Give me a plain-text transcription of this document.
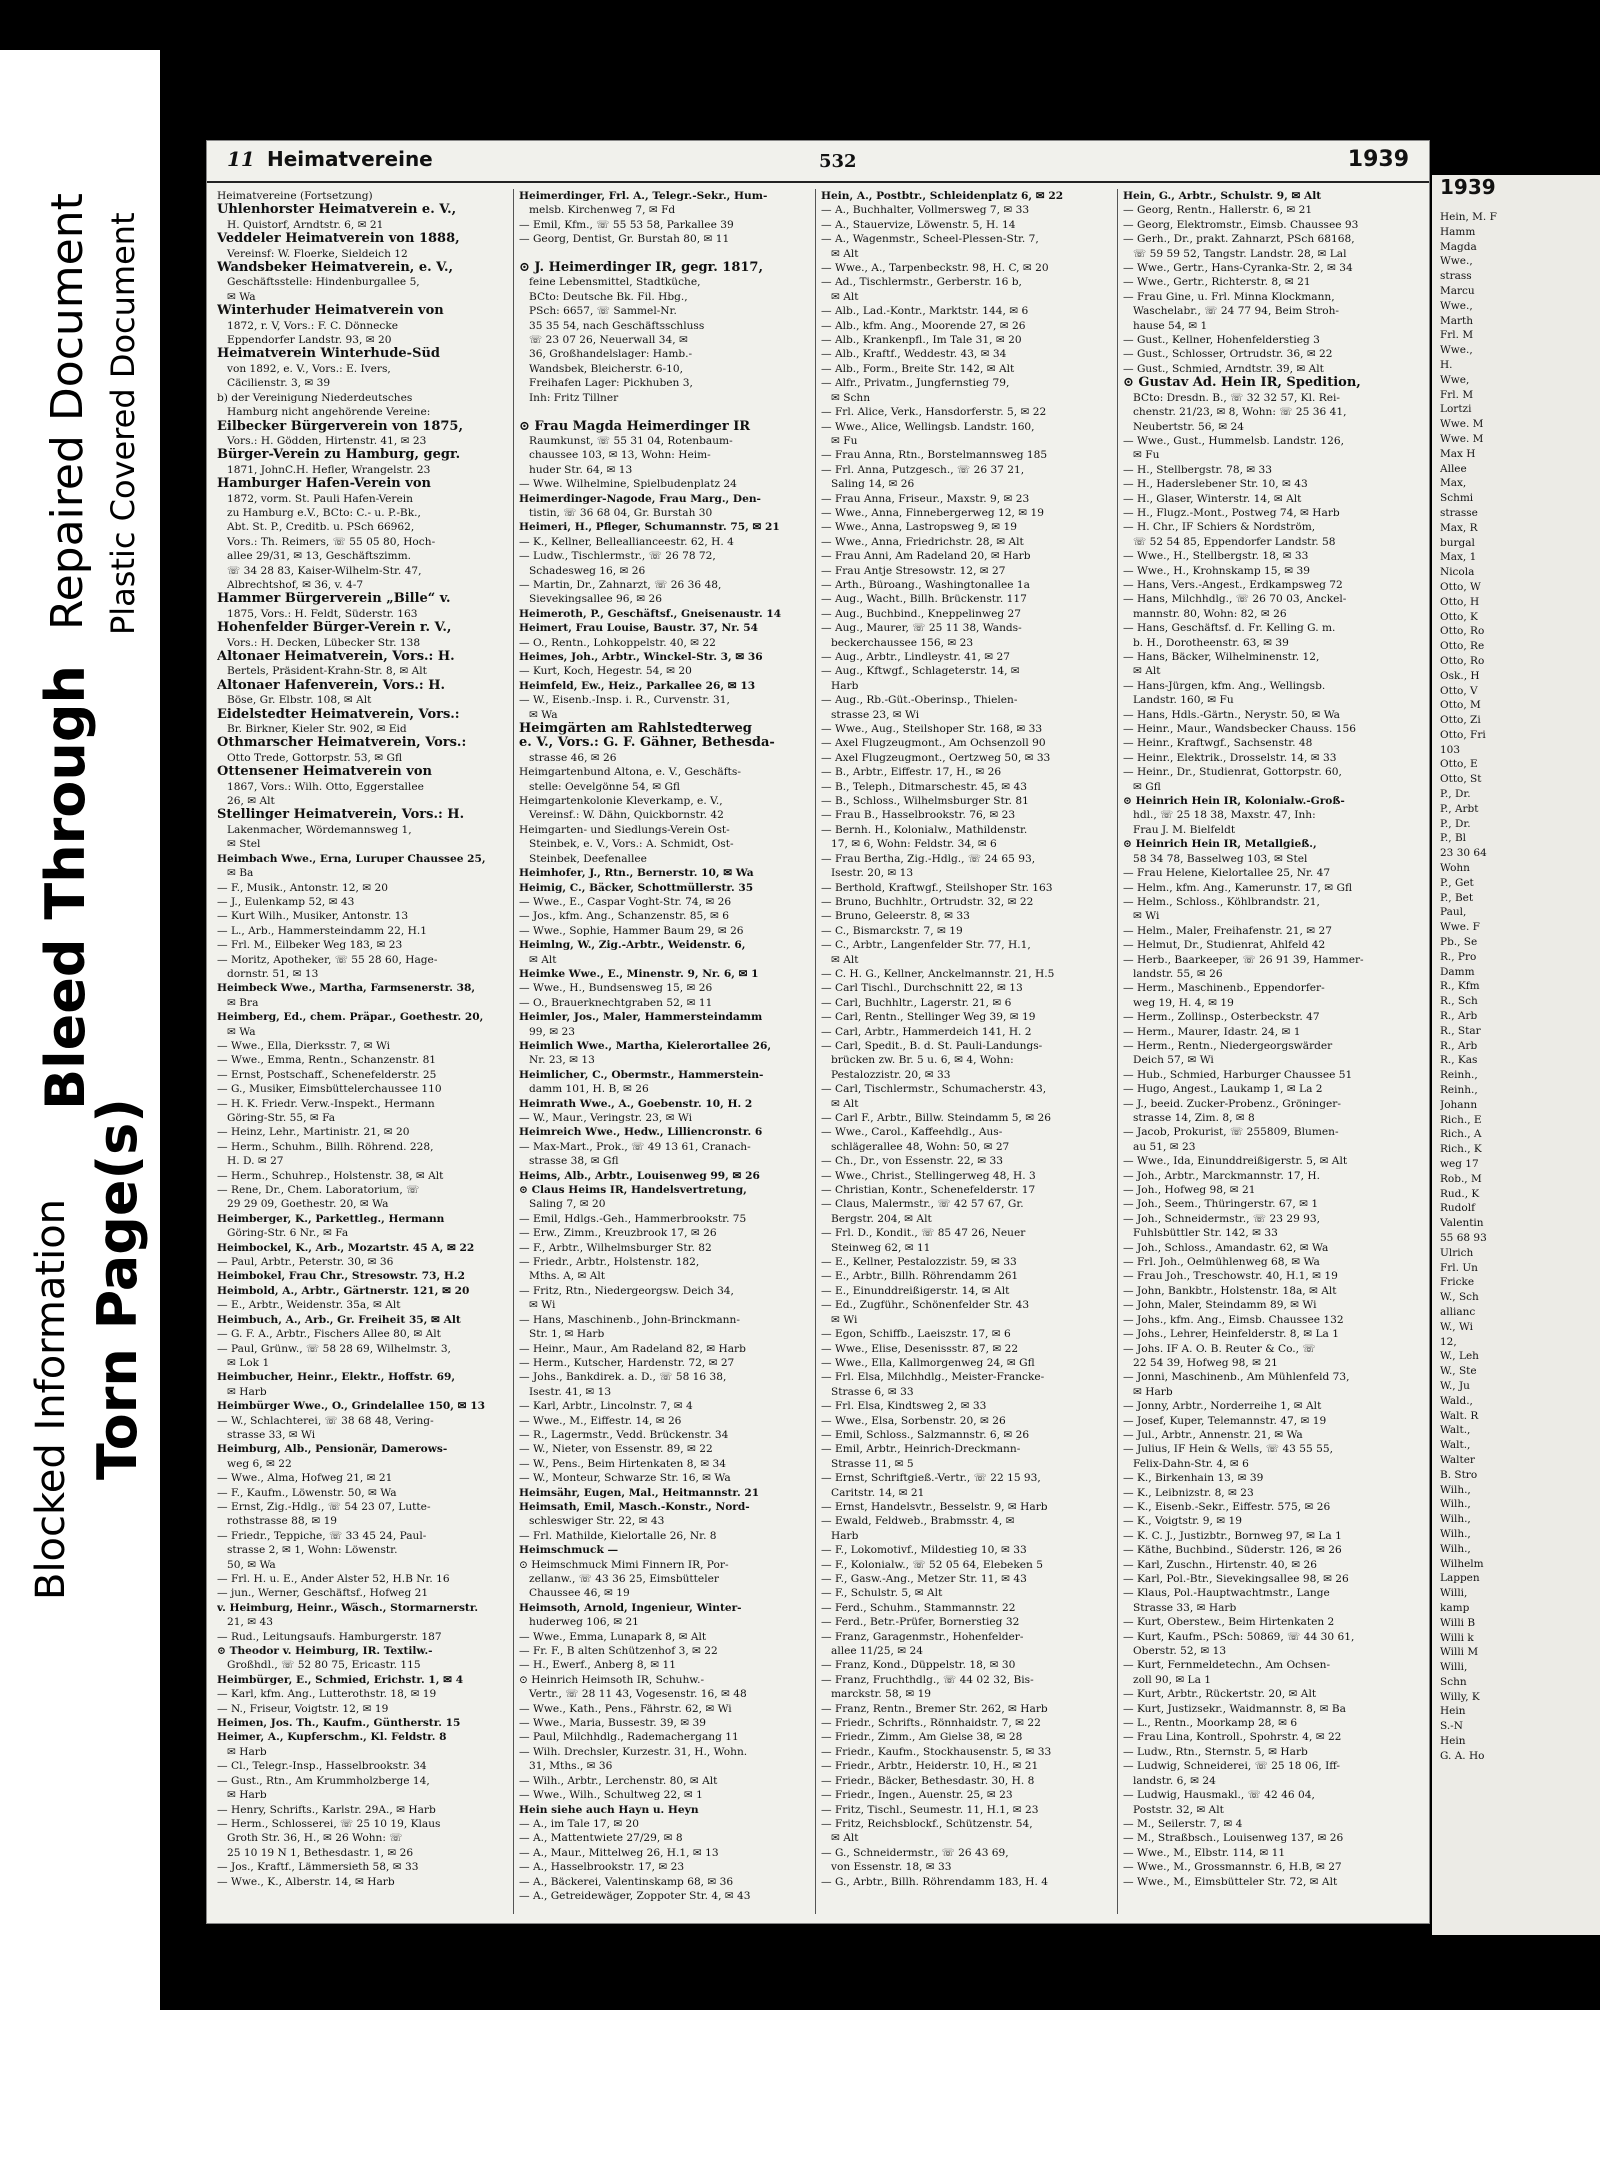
Blocked Information Torn Page(s)
Bleed Through
Repaired Document Plastic Covered Document
11 Heimatvereine	532	1939
Heimatvereine (Fortsetzung)
Uhlenhorster Heimatverein e. V.,
H. Quistorf, Arndtstr. 6, ✉ 21
Veddeler Heimatverein von 1888,
Vereinsf: W. Floerke, Sieldeich 12
Wandsbeker Heimatverein, e. V.,
Geschäftsstelle: Hindenburgallee 5,
✉ Wa
Winterhuder Heimatverein von
1872, r. V, Vors.: F. C. Dönnecke
Eppendorfer Landstr. 93, ✉ 20
Heimatverein Winterhude-Süd
von 1892, e. V., Vors.: E. Ivers,
Cäcilienstr. 3, ✉ 39
b) der Vereinigung Niederdeutsches
Hamburg nicht angehörende Vereine:
Eilbecker Bürgerverein von 1875,
Vors.: H. Gödden, Hirtenstr. 41, ✉ 23
Bürger-Verein zu Hamburg, gegr.
1871, JohnC.H. Hefler, Wrangelstr. 23
Hamburger Hafen-Verein von
1872, vorm. St. Pauli Hafen-Verein
zu Hamburg e.V., BCto: C.- u. P.-Bk.,
Abt. St. P., Creditb. u. PSch 66962,
Vors.: Th. Reimers, ☏ 55 05 80, Hoch-
allee 29/31, ✉ 13, Geschäftszimm.
☏ 34 28 83, Kaiser-Wilhelm-Str. 47,
Albrechtshof, ✉ 36, v. 4-7
Hammer Bürgerverein „Bille“ v.
1875, Vors.: H. Feldt, Süderstr. 163
Hohenfelder Bürger-Verein r. V.,
Vors.: H. Decken, Lübecker Str. 138
Altonaer Heimatverein, Vors.: H.
Bertels, Präsident-Krahn-Str. 8, ✉ Alt
Altonaer Hafenverein, Vors.: H.
Böse, Gr. Elbstr. 108, ✉ Alt
Eidelstedter Heimatverein, Vors.:
Br. Birkner, Kieler Str. 902, ✉ Eid
Othmarscher Heimatverein, Vors.:
Otto Trede, Gottorpstr. 53, ✉ Gfl
Ottensener Heimatverein von
1867, Vors.: Wilh. Otto, Eggerstallee
26, ✉ Alt
Stellinger Heimatverein, Vors.: H.
Lakenmacher, Wördemannsweg 1,
✉ Stel
Heimbach Wwe., Erna, Luruper Chaussee 25,
✉ Ba
— F., Musik., Antonstr. 12, ✉ 20
— J., Eulenkamp 52, ✉ 43
— Kurt Wilh., Musiker, Antonstr. 13
— L., Arb., Hammersteindamm 22, H.1
— Frl. M., Eilbeker Weg 183, ✉ 23
— Moritz, Apotheker, ☏ 55 28 60, Hage-
dornstr. 51, ✉ 13
Heimbeck Wwe., Martha, Farmsenerstr. 38,
✉ Bra
Heimberg, Ed., chem. Präpar., Goethestr. 20,
✉ Wa
— Wwe., Ella, Dierksstr. 7, ✉ Wi
— Wwe., Emma, Rentn., Schanzenstr. 81
— Ernst, Postschaff., Schenefelderstr. 25
— G., Musiker, Eimsbüttelerchaussee 110
— H. K. Friedr. Verw.-Inspekt., Hermann
Göring-Str. 55, ✉ Fa
— Heinz, Lehr., Martinistr. 21, ✉ 20
— Herm., Schuhm., Billh. Röhrend. 228,
H. D. ✉ 27
— Herm., Schuhrep., Holstenstr. 38, ✉ Alt
— Rene, Dr., Chem. Laboratorium, ☏
29 29 09, Goethestr. 20, ✉ Wa
Heimberger, K., Parkettleg., Hermann
Göring-Str. 6 Nr., ✉ Fa
Heimbockel, K., Arb., Mozartstr. 45 A, ✉ 22
— Paul, Arbtr., Peterstr. 30, ✉ 36
Heimbokel, Frau Chr., Stresowstr. 73, H.2
Heimbold, A., Arbtr., Gärtnerstr. 121, ✉ 20
— E., Arbtr., Weidenstr. 35a, ✉ Alt
Heimbuch, A., Arb., Gr. Freiheit 35, ✉ Alt
— G. F. A., Arbtr., Fischers Allee 80, ✉ Alt
— Paul, Grünw., ☏ 58 28 69, Wilhelmstr. 3,
✉ Lok 1
Heimbucher, Heinr., Elektr., Hoffstr. 69,
✉ Harb
Heimbürger Wwe., O., Grindelallee 150, ✉ 13
— W., Schlachterei, ☏ 38 68 48, Vering-
strasse 33, ✉ Wi
Heimburg, Alb., Pensionär, Damerows-
weg 6, ✉ 22
— Wwe., Alma, Hofweg 21, ✉ 21
— F., Kaufm., Löwenstr. 50, ✉ Wa
— Ernst, Zig.-Hdlg., ☏ 54 23 07, Lutte-
rothstrasse 88, ✉ 19
— Friedr., Teppiche, ☏ 33 45 24, Paul-
strasse 2, ✉ 1, Wohn: Löwenstr.
50, ✉ Wa
— Frl. H. u. E., Ander Alster 52, H.B Nr. 16
— jun., Werner, Geschäftsf., Hofweg 21
v. Heimburg, Heinr., Wäsch., Stormarnerstr.
21, ✉ 43
— Rud., Leitungsaufs. Hamburgerstr. 187
⊙ Theodor v. Heimburg, IR. Textilw.-
Großhdl., ☏ 52 80 75, Ericastr. 115
Heimbürger, E., Schmied, Erichstr. 1, ✉ 4
— Karl, kfm. Ang., Lutterothstr. 18, ✉ 19
— N., Friseur, Voigtstr. 12, ✉ 19
Heimen, Jos. Th., Kaufm., Güntherstr. 15
Heimer, A., Kupferschm., Kl. Feldstr. 8
✉ Harb
— Cl., Telegr.-Insp., Hasselbrookstr. 34
— Gust., Rtn., Am Krummholzberge 14,
✉ Harb
— Henry, Schrifts., Karlstr. 29A., ✉ Harb
— Herm., Schlosserei, ☏ 25 10 19, Klaus
Groth Str. 36, H., ✉ 26 Wohn: ☏
25 10 19 N 1, Bethesdastr. 1, ✉ 26
— Jos., Kraftf., Lämmersieth 58, ✉ 33
— Wwe., K., Alberstr. 14, ✉ Harb
Heimerdinger, Frl. A., Telegr.-Sekr., Hum-
melsb. Kirchenweg 7, ✉ Fd
— Emil, Kfm., ☏ 55 53 58, Parkallee 39
— Georg, Dentist, Gr. Burstah 80, ✉ 11

⊙ J. Heimerdinger IR, gegr. 1817,
feine Lebensmittel, Stadtküche,
BCto: Deutsche Bk. Fil. Hbg.,
PSch: 6657, ☏ Sammel-Nr.
35 35 54, nach Geschäftsschluss
☏ 23 07 26, Neuerwall 34, ✉
36, Großhandelslager: Hamb.-
Wandsbek, Bleicherstr. 6-10,
Freihafen Lager: Pickhuben 3,
Inh: Fritz Tillner

⊙ Frau Magda Heimerdinger IR
Raumkunst, ☏ 55 31 04, Rotenbaum-
chaussee 103, ✉ 13, Wohn: Heim-
huder Str. 64, ✉ 13
— Wwe. Wilhelmine, Spielbudenplatz 24
Heimerdinger-Nagode, Frau Marg., Den-
tistin, ☏ 36 68 04, Gr. Burstah 30
Heimeri, H., Pfleger, Schumannstr. 75, ✉ 21
— K., Kellner, Belleallianceestr. 62, H. 4
— Ludw., Tischlermstr., ☏ 26 78 72,
Schadesweg 16, ✉ 26
— Martin, Dr., Zahnarzt, ☏ 26 36 48,
Sievekingsallee 96, ✉ 26
Heimeroth, P., Geschäftsf., Gneisenaustr. 14
Heimert, Frau Louise, Baustr. 37, Nr. 54
— O., Rentn., Lohkoppelstr. 40, ✉ 22
Heimes, Joh., Arbtr., Winckel-Str. 3, ✉ 36
— Kurt, Koch, Hegestr. 54, ✉ 20
Heimfeld, Ew., Heiz., Parkallee 26, ✉ 13
— W., Eisenb.-Insp. i. R., Curvenstr. 31,
✉ Wa
Heimgärten am Rahlstedterweg
e. V., Vors.: G. F. Gähner, Bethesda-
strasse 46, ✉ 26
Heimgartenbund Altona, e. V., Geschäfts-
stelle: Oevelgönne 54, ✉ Gfl
Heimgartenkolonie Kleverkamp, e. V.,
Vereinsf.: W. Dähn, Quickbornstr. 42
Heimgarten- und Siedlungs-Verein Ost-
Steinbek, e. V., Vors.: A. Schmidt, Ost-
Steinbek, Deefenallee
Heimhofer, J., Rtn., Bernerstr. 10, ✉ Wa
Heimig, C., Bäcker, Schottmüllerstr. 35
— Wwe., E., Caspar Voght-Str. 74, ✉ 26
— Jos., kfm. Ang., Schanzenstr. 85, ✉ 6
— Wwe., Sophie, Hammer Baum 29, ✉ 26
Heimlng, W., Zig.-Arbtr., Weidenstr. 6,
✉ Alt
Heimke Wwe., E., Minenstr. 9, Nr. 6, ✉ 1
— Wwe., H., Bundsensweg 15, ✉ 26
— O., Brauerknechtgraben 52, ✉ 11
Heimler, Jos., Maler, Hammersteindamm
99, ✉ 23
Heimlich Wwe., Martha, Kielerortallee 26,
Nr. 23, ✉ 13
Heimlicher, C., Obermstr., Hammerstein-
damm 101, H. B, ✉ 26
Heimrath Wwe., A., Goebenstr. 10, H. 2
— W., Maur., Veringstr. 23, ✉ Wi
Heimreich Wwe., Hedw., Lilliencronstr. 6
— Max-Mart., Prok., ☏ 49 13 61, Cranach-
strasse 38, ✉ Gfl
Heims, Alb., Arbtr., Louisenweg 99, ✉ 26
⊙ Claus Heims IR, Handelsvertretung,
Saling 7, ✉ 20
— Emil, Hdlgs.-Geh., Hammerbrookstr. 75
— Erw., Zimm., Kreuzbrook 17, ✉ 26
— F., Arbtr., Wilhelmsburger Str. 82
— Friedr., Arbtr., Holstenstr. 182,
Mths. A, ✉ Alt
— Fritz, Rtn., Niedergeorgsw. Deich 34,
✉ Wi
— Hans, Maschinenb., John-Brinckmann-
Str. 1, ✉ Harb
— Heinr., Maur., Am Radeland 82, ✉ Harb
— Herm., Kutscher, Hardenstr. 72, ✉ 27
— Johs., Bankdirek. a. D., ☏ 58 16 38,
Isestr. 41, ✉ 13
— Karl, Arbtr., Lincolnstr. 7, ✉ 4
— Wwe., M., Eiffestr. 14, ✉ 26
— R., Lagermstr., Vedd. Brückenstr. 34
— W., Nieter, von Essenstr. 89, ✉ 22
— W., Pens., Beim Hirtenkaten 8, ✉ 34
— W., Monteur, Schwarze Str. 16, ✉ Wa
Heimsähr, Eugen, Mal., Heitmannstr. 21
Heimsath, Emil, Masch.-Konstr., Nord-
schleswiger Str. 22, ✉ 43
— Frl. Mathilde, Kielortalle 26, Nr. 8
Heimschmuck —
⊙ Heimschmuck Mimi Finnern IR, Por-
zellanw., ☏ 43 36 25, Eimsbütteler
Chaussee 46, ✉ 19
Heimsoth, Arnold, Ingenieur, Winter-
huderweg 106, ✉ 21
— Wwe., Emma, Lunapark 8, ✉ Alt
— Fr. F., B alten Schützenhof 3, ✉ 22
— H., Ewerf., Anberg 8, ✉ 11
⊙ Heinrich Heimsoth IR, Schuhw.-
Vertr., ☏ 28 11 43, Vogesenstr. 16, ✉ 48
— Wwe., Kath., Pens., Fährstr. 62, ✉ Wi
— Wwe., Maria, Bussestr. 39, ✉ 39
— Paul, Milchhdlg., Rademachergang 11
— Wilh. Drechsler, Kurzestr. 31, H., Wohn.
31, Mths., ✉ 36
— Wilh., Arbtr., Lerchenstr. 80, ✉ Alt
— Wwe., Wilh., Schultweg 22, ✉ 1
Hein siehe auch Hayn u. Heyn
— A., im Tale 17, ✉ 20
— A., Mattentwiete 27/29, ✉ 8
— A., Maur., Mittelweg 26, H.1, ✉ 13
— A., Hasselbrookstr. 17, ✉ 23
— A., Bäckerei, Valentinskamp 68, ✉ 36
— A., Getreidewäger, Zoppoter Str. 4, ✉ 43
Hein, A., Postbtr., Schleidenplatz 6, ✉ 22
— A., Buchhalter, Vollmersweg 7, ✉ 33
— A., Stauervize, Löwenstr. 5, H. 14
— A., Wagenmstr., Scheel-Plessen-Str. 7,
✉ Alt
— Wwe., A., Tarpenbeckstr. 98, H. C, ✉ 20
— Ad., Tischlermstr., Gerberstr. 16 b,
✉ Alt
— Alb., Lad.-Kontr., Marktstr. 144, ✉ 6
— Alb., kfm. Ang., Moorende 27, ✉ 26
— Alb., Krankenpfl., Im Tale 31, ✉ 20
— Alb., Kraftf., Weddestr. 43, ✉ 34
— Alb., Form., Breite Str. 142, ✉ Alt
— Alfr., Privatm., Jungfernstieg 79,
✉ Schn
— Frl. Alice, Verk., Hansdorferstr. 5, ✉ 22
— Wwe., Alice, Wellingsb. Landstr. 160,
✉ Fu
— Frau Anna, Rtn., Borstelmannsweg 185
— Frl. Anna, Putzgesch., ☏ 26 37 21,
Saling 14, ✉ 26
— Frau Anna, Friseur., Maxstr. 9, ✉ 23
— Wwe., Anna, Finnebergerweg 12, ✉ 19
— Wwe., Anna, Lastropsweg 9, ✉ 19
— Wwe., Anna, Friedrichstr. 28, ✉ Alt
— Frau Anni, Am Radeland 20, ✉ Harb
— Frau Antje Stresowstr. 12, ✉ 27
— Arth., Büroang., Washingtonallee 1a
— Aug., Wacht., Billh. Brückenstr. 117
— Aug., Buchbind., Kneppelinweg 27
— Aug., Maurer, ☏ 25 11 38, Wands-
beckerchaussee 156, ✉ 23
— Aug., Arbtr., Lindleystr. 41, ✉ 27
— Aug., Kftwgf., Schlageterstr. 14, ✉
Harb
— Aug., Rb.-Güt.-Oberinsp., Thielen-
strasse 23, ✉ Wi
— Wwe., Aug., Steilshoper Str. 168, ✉ 33
— Axel Flugzeugmont., Am Ochsenzoll 90
— Axel Flugzeugmont., Oertzweg 50, ✉ 33
— B., Arbtr., Eiffestr. 17, H., ✉ 26
— B., Teleph., Ditmarschestr. 45, ✉ 43
— B., Schloss., Wilhelmsburger Str. 81
— Frau B., Hasselbrookstr. 76, ✉ 23
— Bernh. H., Kolonialw., Mathildenstr.
17, ✉ 6, Wohn: Feldstr. 34, ✉ 6
— Frau Bertha, Zig.-Hdlg., ☏ 24 65 93,
Isestr. 20, ✉ 13
— Berthold, Kraftwgf., Steilshoper Str. 163
— Bruno, Buchhltr., Ortrudstr. 32, ✉ 22
— Bruno, Geleerstr. 8, ✉ 33
— C., Bismarckstr. 7, ✉ 19
— C., Arbtr., Langenfelder Str. 77, H.1,
✉ Alt
— C. H. G., Kellner, Anckelmannstr. 21, H.5
— Carl Tischl., Durchschnitt 22, ✉ 13
— Carl, Buchhltr., Lagerstr. 21, ✉ 6
— Carl, Rentn., Stellinger Weg 39, ✉ 19
— Carl, Arbtr., Hammerdeich 141, H. 2
— Carl, Spedit., B. d. St. Pauli-Landungs-
brücken zw. Br. 5 u. 6, ✉ 4, Wohn:
Pestalozzistr. 20, ✉ 33
— Carl, Tischlermstr., Schumacherstr. 43,
✉ Alt
— Carl F., Arbtr., Billw. Steindamm 5, ✉ 26
— Wwe., Carol., Kaffeehdlg., Aus-
schlägerallee 48, Wohn: 50, ✉ 27
— Ch., Dr., von Essenstr. 22, ✉ 33
— Wwe., Christ., Stellingerweg 48, H. 3
— Christian, Kontr., Schenefelderstr. 17
— Claus, Malermstr., ☏ 42 57 67, Gr.
Bergstr. 204, ✉ Alt
— Frl. D., Kondit., ☏ 85 47 26, Neuer
Steinweg 62, ✉ 11
— E., Kellner, Pestalozzistr. 59, ✉ 33
— E., Arbtr., Billh. Röhrendamm 261
— E., Einunddreißigerstr. 14, ✉ Alt
— Ed., Zugführ., Schönenfelder Str. 43
✉ Wi
— Egon, Schiffb., Laeiszstr. 17, ✉ 6
— Wwe., Elise, Desenissstr. 87, ✉ 22
— Wwe., Ella, Kallmorgenweg 24, ✉ Gfl
— Frl. Elsa, Milchhdlg., Meister-Francke-
Strasse 6, ✉ 33
— Frl. Elsa, Kindtsweg 2, ✉ 33
— Wwe., Elsa, Sorbenstr. 20, ✉ 26
— Emil, Schloss., Salzmannstr. 6, ✉ 26
— Emil, Arbtr., Heinrich-Dreckmann-
Strasse 11, ✉ 5
— Ernst, Schriftgieß.-Vertr., ☏ 22 15 93,
Caritstr. 14, ✉ 21
— Ernst, Handelsvtr., Besselstr. 9, ✉ Harb
— Ewald, Feldweb., Brabmsstr. 4, ✉
Harb
— F., Lokomotivf., Mildestieg 10, ✉ 33
— F., Kolonialw., ☏ 52 05 64, Elebeken 5
— F., Gasw.-Ang., Metzer Str. 11, ✉ 43
— F., Schulstr. 5, ✉ Alt
— Ferd., Schuhm., Stammannstr. 22
— Ferd., Betr.-Prüfer, Bornerstieg 32
— Franz, Garagenmstr., Hohenfelder-
allee 11/25, ✉ 24
— Franz, Kond., Düppelstr. 18, ✉ 30
— Franz, Fruchthdlg., ☏ 44 02 32, Bis-
marckstr. 58, ✉ 19
— Franz, Rentn., Bremer Str. 262, ✉ Harb
— Friedr., Schrifts., Rönnhaidstr. 7, ✉ 22
— Friedr., Zimm., Am Gielse 38, ✉ 28
— Friedr., Kaufm., Stockhausenstr. 5, ✉ 33
— Friedr., Arbtr., Heiderstr. 10, H., ✉ 21
— Friedr., Bäcker, Bethesdastr. 30, H. 8
— Friedr., Ingen., Auenstr. 25, ✉ 23
— Fritz, Tischl., Seumestr. 11, H.1, ✉ 23
— Fritz, Reichsblockf., Schützenstr. 54,
✉ Alt
— G., Schneidermstr., ☏ 26 43 69,
von Essenstr. 18, ✉ 33
— G., Arbtr., Billh. Röhrendamm 183, H. 4
Hein, G., Arbtr., Schulstr. 9, ✉ Alt
— Georg, Rentn., Hallerstr. 6, ✉ 21
— Georg, Elektromstr., Eimsb. Chaussee 93
— Gerh., Dr., prakt. Zahnarzt, PSch 68168,
☏ 59 59 52, Tangstr. Landstr. 28, ✉ Lal
— Wwe., Gertr., Hans-Cyranka-Str. 2, ✉ 34
— Wwe., Gertr., Richterstr. 8, ✉ 21
— Frau Gine, u. Frl. Minna Klockmann,
Waschelabr., ☏ 24 77 94, Beim Stroh-
hause 54, ✉ 1
— Gust., Kellner, Hohenfelderstieg 3
— Gust., Schlosser, Ortrudstr. 36, ✉ 22
— Gust., Schmied, Arndtstr. 39, ✉ Alt
⊙ Gustav Ad. Hein IR, Spedition,
BCto: Dresdn. B., ☏ 32 32 57, Kl. Rei-
chenstr. 21/23, ✉ 8, Wohn: ☏ 25 36 41,
Neubertstr. 56, ✉ 24
— Wwe., Gust., Hummelsb. Landstr. 126,
✉ Fu
— H., Stellbergstr. 78, ✉ 33
— H., Haderslebener Str. 10, ✉ 43
— H., Glaser, Winterstr. 14, ✉ Alt
— H., Flugz.-Mont., Postweg 74, ✉ Harb
— H. Chr., IF Schiers & Nordström,
☏ 52 54 85, Eppendorfer Landstr. 58
— Wwe., H., Stellbergstr. 18, ✉ 33
— Wwe., H., Krohnskamp 15, ✉ 39
— Hans, Vers.-Angest., Erdkampsweg 72
— Hans, Milchhdlg., ☏ 26 70 03, Anckel-
mannstr. 80, Wohn: 82, ✉ 26
— Hans, Geschäftsf. d. Fr. Kelling G. m.
b. H., Dorotheenstr. 63, ✉ 39
— Hans, Bäcker, Wilhelminenstr. 12,
✉ Alt
— Hans-Jürgen, kfm. Ang., Wellingsb.
Landstr. 160, ✉ Fu
— Hans, Hdls.-Gärtn., Nerystr. 50, ✉ Wa
— Heinr., Maur., Wandsbecker Chauss. 156
— Heinr., Kraftwgf., Sachsenstr. 48
— Heinr., Elektrik., Drosselstr. 14, ✉ 33
— Heinr., Dr., Studienrat, Gottorpstr. 60,
✉ Gfl
⊙ Heinrich Hein IR, Kolonialw.-Groß-
hdl., ☏ 25 18 38, Maxstr. 47, Inh:
Frau J. M. Bielfeldt
⊙ Heinrich Hein IR, Metallgieß.,
58 34 78, Basselweg 103, ✉ Stel
— Frau Helene, Kielortallee 25, Nr. 47
— Helm., kfm. Ang., Kamerunstr. 17, ✉ Gfl
— Helm., Schloss., Köhlbrandstr. 21,
✉ Wi
— Helm., Maler, Freihafenstr. 21, ✉ 27
— Helmut, Dr., Studienrat, Ahlfeld 42
— Herb., Baarkeeper, ☏ 26 91 39, Hammer-
landstr. 55, ✉ 26
— Herm., Maschinenb., Eppendorfer-
weg 19, H. 4, ✉ 19
— Herm., Zollinsp., Osterbeckstr. 47
— Herm., Maurer, Idastr. 24, ✉ 1
— Herm., Rentn., Niedergeorgswärder
Deich 57, ✉ Wi
— Hub., Schmied, Harburger Chaussee 51
— Hugo, Angest., Laukamp 1, ✉ La 2
— J., beeid. Zucker-Probenz., Gröninger-
strasse 14, Zim. 8, ✉ 8
— Jacob, Prokurist, ☏ 255809, Blumen-
au 51, ✉ 23
— Wwe., Ida, Einunddreißigerstr. 5, ✉ Alt
— Joh., Arbtr., Marckmannstr. 17, H.
— Joh., Hofweg 98, ✉ 21
— Joh., Seem., Thüringerstr. 67, ✉ 1
— Joh., Schneidermstr., ☏ 23 29 93,
Fuhlsbüttler Str. 142, ✉ 33
— Joh., Schloss., Amandastr. 62, ✉ Wa
— Frl. Joh., Oelmühlenweg 68, ✉ Wa
— Frau Joh., Treschowstr. 40, H.1, ✉ 19
— John, Bankbtr., Holstenstr. 18a, ✉ Alt
— John, Maler, Steindamm 89, ✉ Wi
— Johs., kfm. Ang., Eimsb. Chaussee 132
— Johs., Lehrer, Heinfelderstr. 8, ✉ La 1
— Johs. IF A. O. B. Reuter & Co., ☏
22 54 39, Hofweg 98, ✉ 21
— Jonni, Maschinenb., Am Mühlenfeld 73,
✉ Harb
— Jonny, Arbtr., Norderreihe 1, ✉ Alt
— Josef, Kuper, Telemannstr. 47, ✉ 19
— Jul., Arbtr., Annenstr. 21, ✉ Wa
— Julius, IF Hein & Wells, ☏ 43 55 55,
Felix-Dahn-Str. 4, ✉ 6
— K., Birkenhain 13, ✉ 39
— K., Leibnizstr. 8, ✉ 23
— K., Eisenb.-Sekr., Eiffestr. 575, ✉ 26
— K., Voigtstr. 9, ✉ 19
— K. C. J., Justizbtr., Bornweg 97, ✉ La 1
— Käthe, Buchbind., Süderstr. 126, ✉ 26
— Karl, Zuschn., Hirtenstr. 40, ✉ 26
— Karl, Pol.-Btr., Sievekingsallee 98, ✉ 26
— Klaus, Pol.-Hauptwachtmstr., Lange
Strasse 33, ✉ Harb
— Kurt, Oberstew., Beim Hirtenkaten 2
— Kurt, Kaufm., PSch: 50869, ☏ 44 30 61,
Oberstr. 52, ✉ 13
— Kurt, Fernmeldetechn., Am Ochsen-
zoll 90, ✉ La 1
— Kurt, Arbtr., Rückertstr. 20, ✉ Alt
— Kurt, Justizsekr., Waidmannstr. 8, ✉ Ba
— L., Rentn., Moorkamp 28, ✉ 6
— Frau Lina, Kontroll., Spohrstr. 4, ✉ 22
— Ludw., Rtn., Sternstr. 5, ✉ Harb
— Ludwig, Schneiderei, ☏ 25 18 06, Iff-
landstr. 6, ✉ 24
— Ludwig, Hausmakl., ☏ 42 46 04,
Poststr. 32, ✉ Alt
— M., Seilerstr. 7, ✉ 4
— M., Straßbsch., Louisenweg 137, ✉ 26
— Wwe., M., Elbstr. 114, ✉ 11
— Wwe., M., Grossmannstr. 6, H.B, ✉ 27
— Wwe., M., Eimsbütteler Str. 72, ✉ Alt
1939
Hein, M. F
Hamm
Magda
Wwe.,
strass
Marcu
Wwe.,
Marth
Frl. M
Wwe.,
H.
Wwe,
Frl. M
Lortzi
Wwe. M
Wwe. M
Max H
Allee
Max,
Schmi
strasse
Max, R
burgal
Max, 1
Nicola
Otto, W
Otto, H
Otto, K
Otto, Ro
Otto, Re
Otto, Ro
Osk., H
Otto, V
Otto, M
Otto, Zi
Otto, Fri
103
Otto, E
Otto, St
P., Dr.
P., Arbt
P., Dr.
P., Bl
23 30 64
Wohn
P., Get
P., Bet
Paul,
Wwe. F
Pb., Se
R., Pro
Damm
R., Kfm
R., Sch
R., Arb
R., Star
R., Arb
R., Kas
Reinh.,
Reinh.,
Johann
Rich., E
Rich., A
Rich., K
weg 17
Rob., M
Rud., K
Rudolf
Valentin
55 68 93
Ulrich
Frl. Un
Fricke
W., Sch
allianc
W., Wi
12,
W., Leh
W., Ste
W., Ju
Wald.,
Walt. R
Walt.,
Walt.,
Walter
B. Stro
Wilh.,
Wilh.,
Wilh.,
Wilh.,
Wilh.,
Wilhelm
Lappen
Willi,
kamp
Willi B
Willi k
Willi M
Willi,
Schn
Willy, K
Hein
S.-N
Hein
G. A. Ho
